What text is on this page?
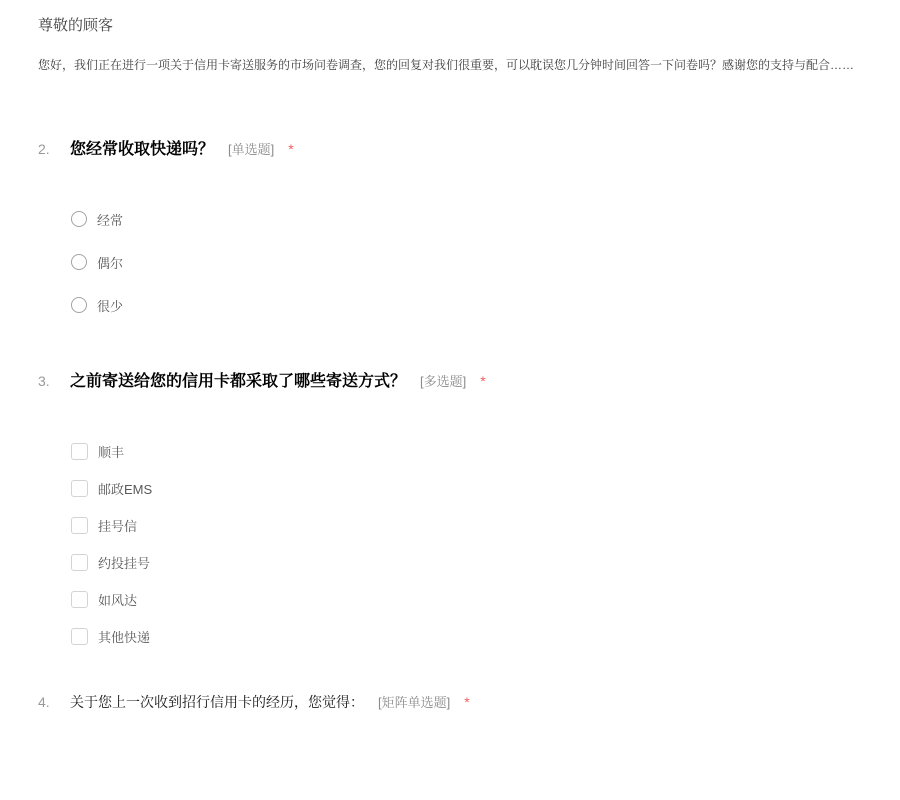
尊敬的顾客
您好，我们正在进行一项关于信用卡寄送服务的市场问卷调查，您的回复对我们很重要，可以耽误您几分钟时间回答一下问卷吗？感谢您的支持与配合……
2. 您经常收取快递吗？ [单选题] *
经常
偶尔
很少
3. 之前寄送给您的信用卡都采取了哪些寄送方式？ [多选题] *
顺丰
邮政EMS
挂号信
约投挂号
如风达
其他快递
4. 关于您上一次收到招行信用卡的经历，您觉得： [矩阵单选题] *
